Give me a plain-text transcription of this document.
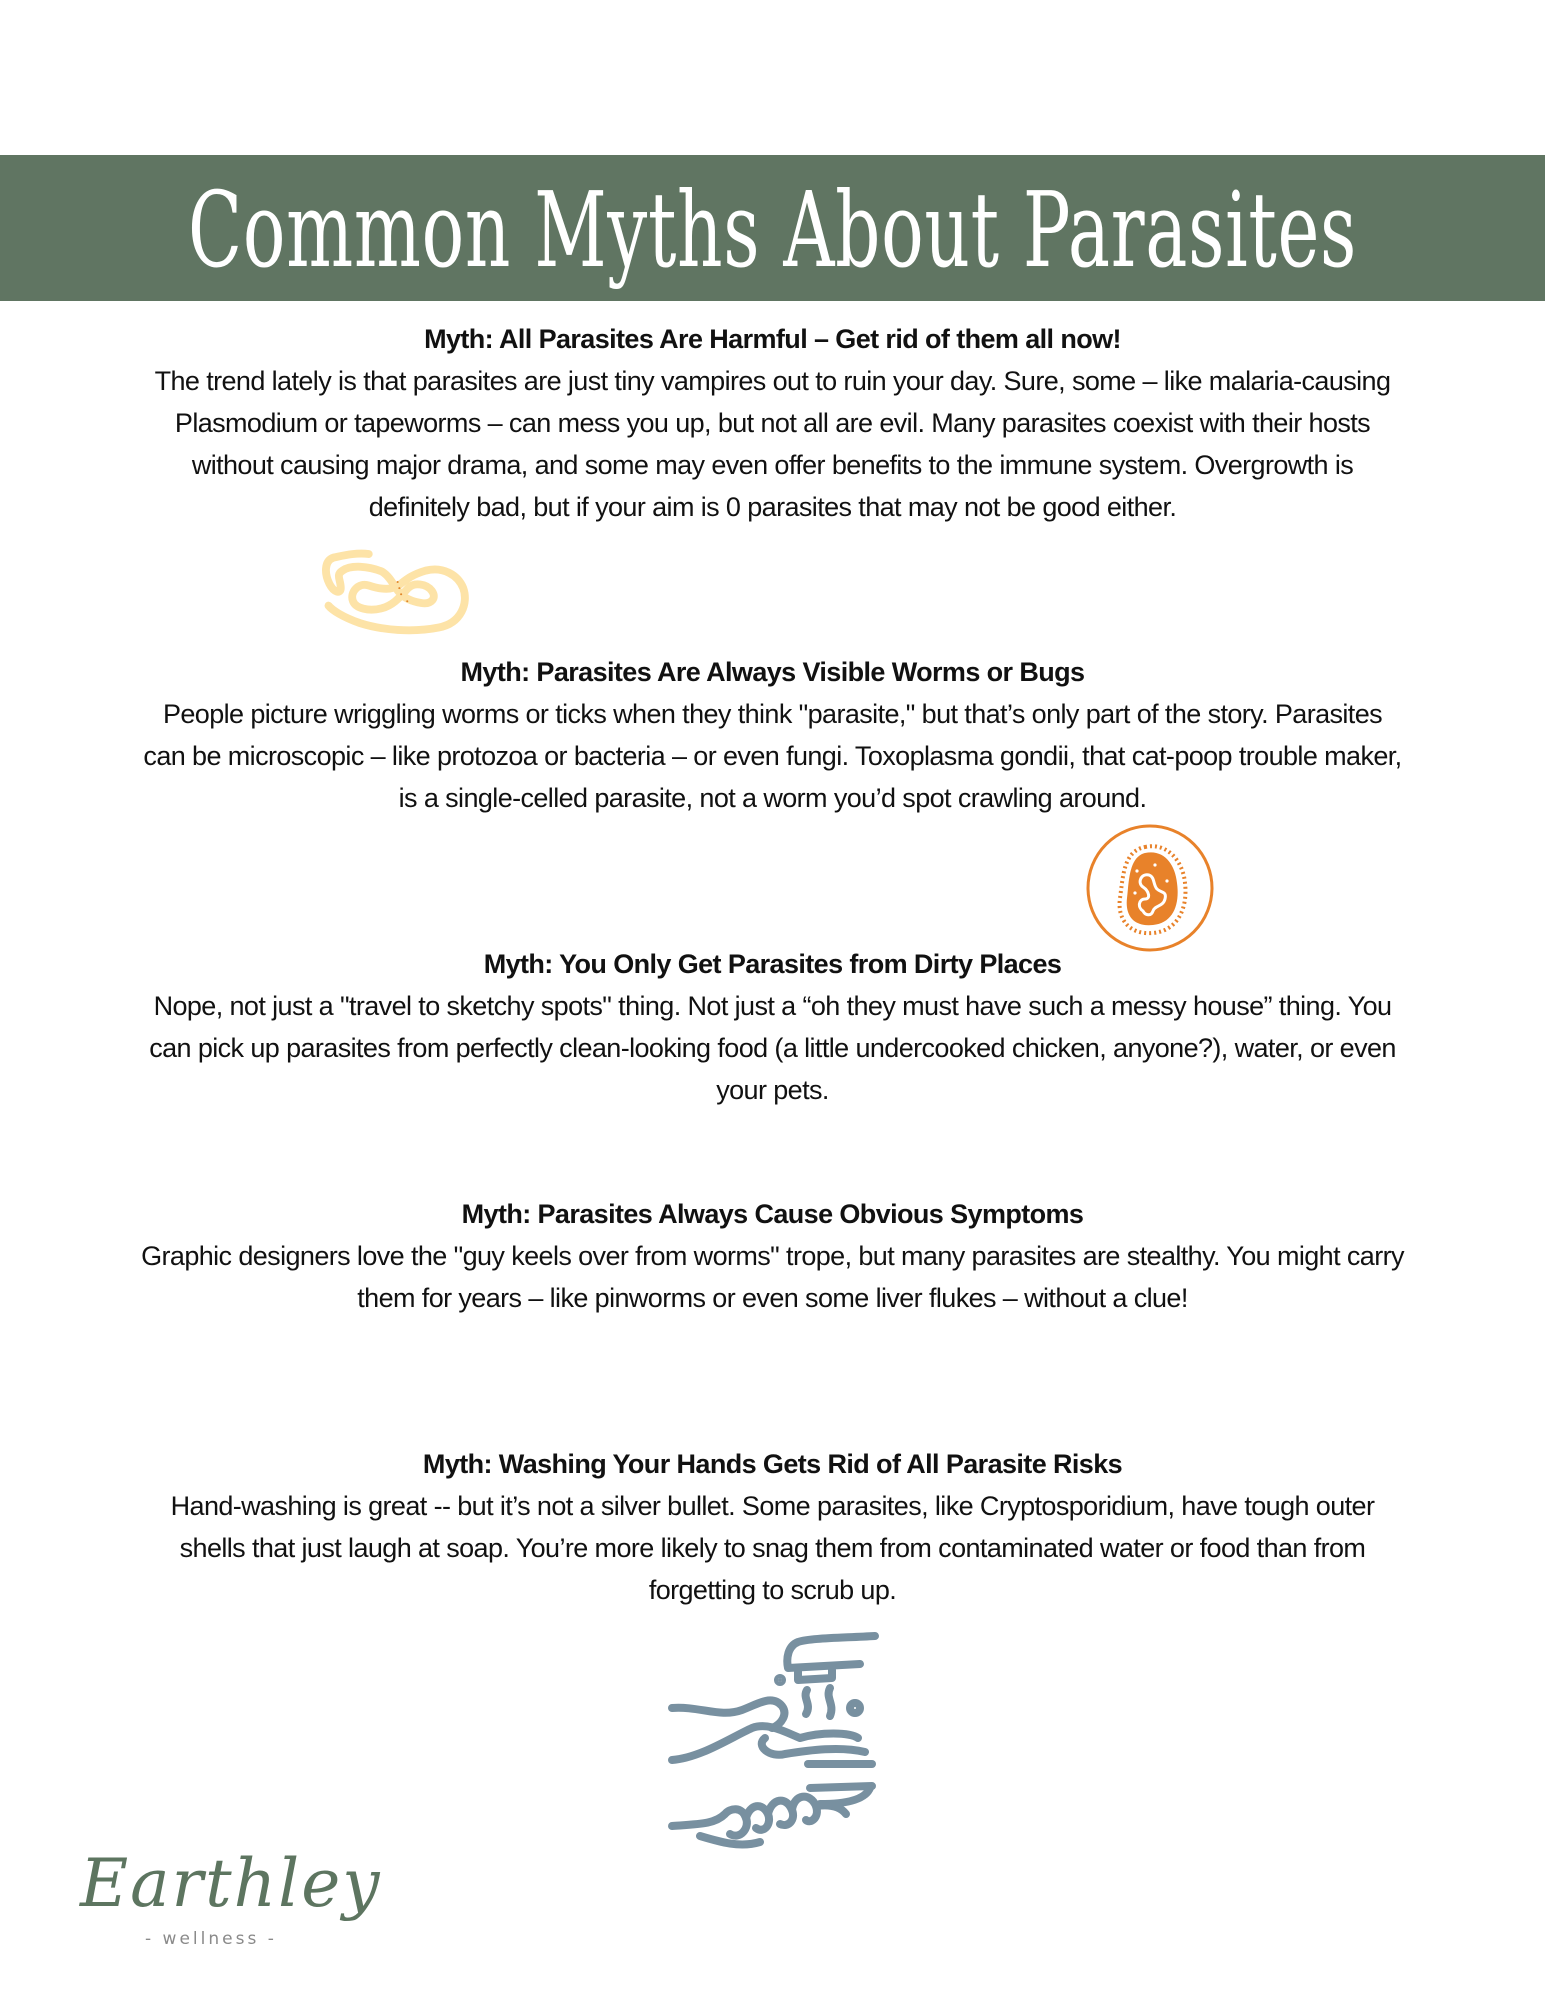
Common Myths About Parasites
Myth: All Parasites Are Harmful – Get rid of them all now!
The trend lately is that parasites are just tiny vampires out to ruin your day. Sure, some – like malaria-causing Plasmodium or tapeworms – can mess you up, but not all are evil. Many parasites coexist with their hosts without causing major drama, and some may even offer benefits to the immune system. Overgrowth is definitely bad, but if your aim is 0 parasites that may not be good either.
Myth: Parasites Are Always Visible Worms or Bugs
People picture wriggling worms or ticks when they think "parasite," but that’s only part of the story. Parasites can be microscopic – like protozoa or bacteria – or even fungi. Toxoplasma gondii, that cat-poop trouble maker, is a single-celled parasite, not a worm you’d spot crawling around.
Myth: You Only Get Parasites from Dirty Places
Nope, not just a "travel to sketchy spots" thing. Not just a “oh they must have such a messy house” thing. You can pick up parasites from perfectly clean-looking food (a little undercooked chicken, anyone?), water, or even your pets.
Myth: Parasites Always Cause Obvious Symptoms
Graphic designers love the "guy keels over from worms" trope, but many parasites are stealthy. You might carry them for years – like pinworms or even some liver flukes – without a clue!
Myth: Washing Your Hands Gets Rid of All Parasite Risks
Hand-washing is great -- but it’s not a silver bullet. Some parasites, like Cryptosporidium, have tough outer shells that just laugh at soap. You’re more likely to snag them from contaminated water or food than from forgetting to scrub up.
Earthley
- wellness -
